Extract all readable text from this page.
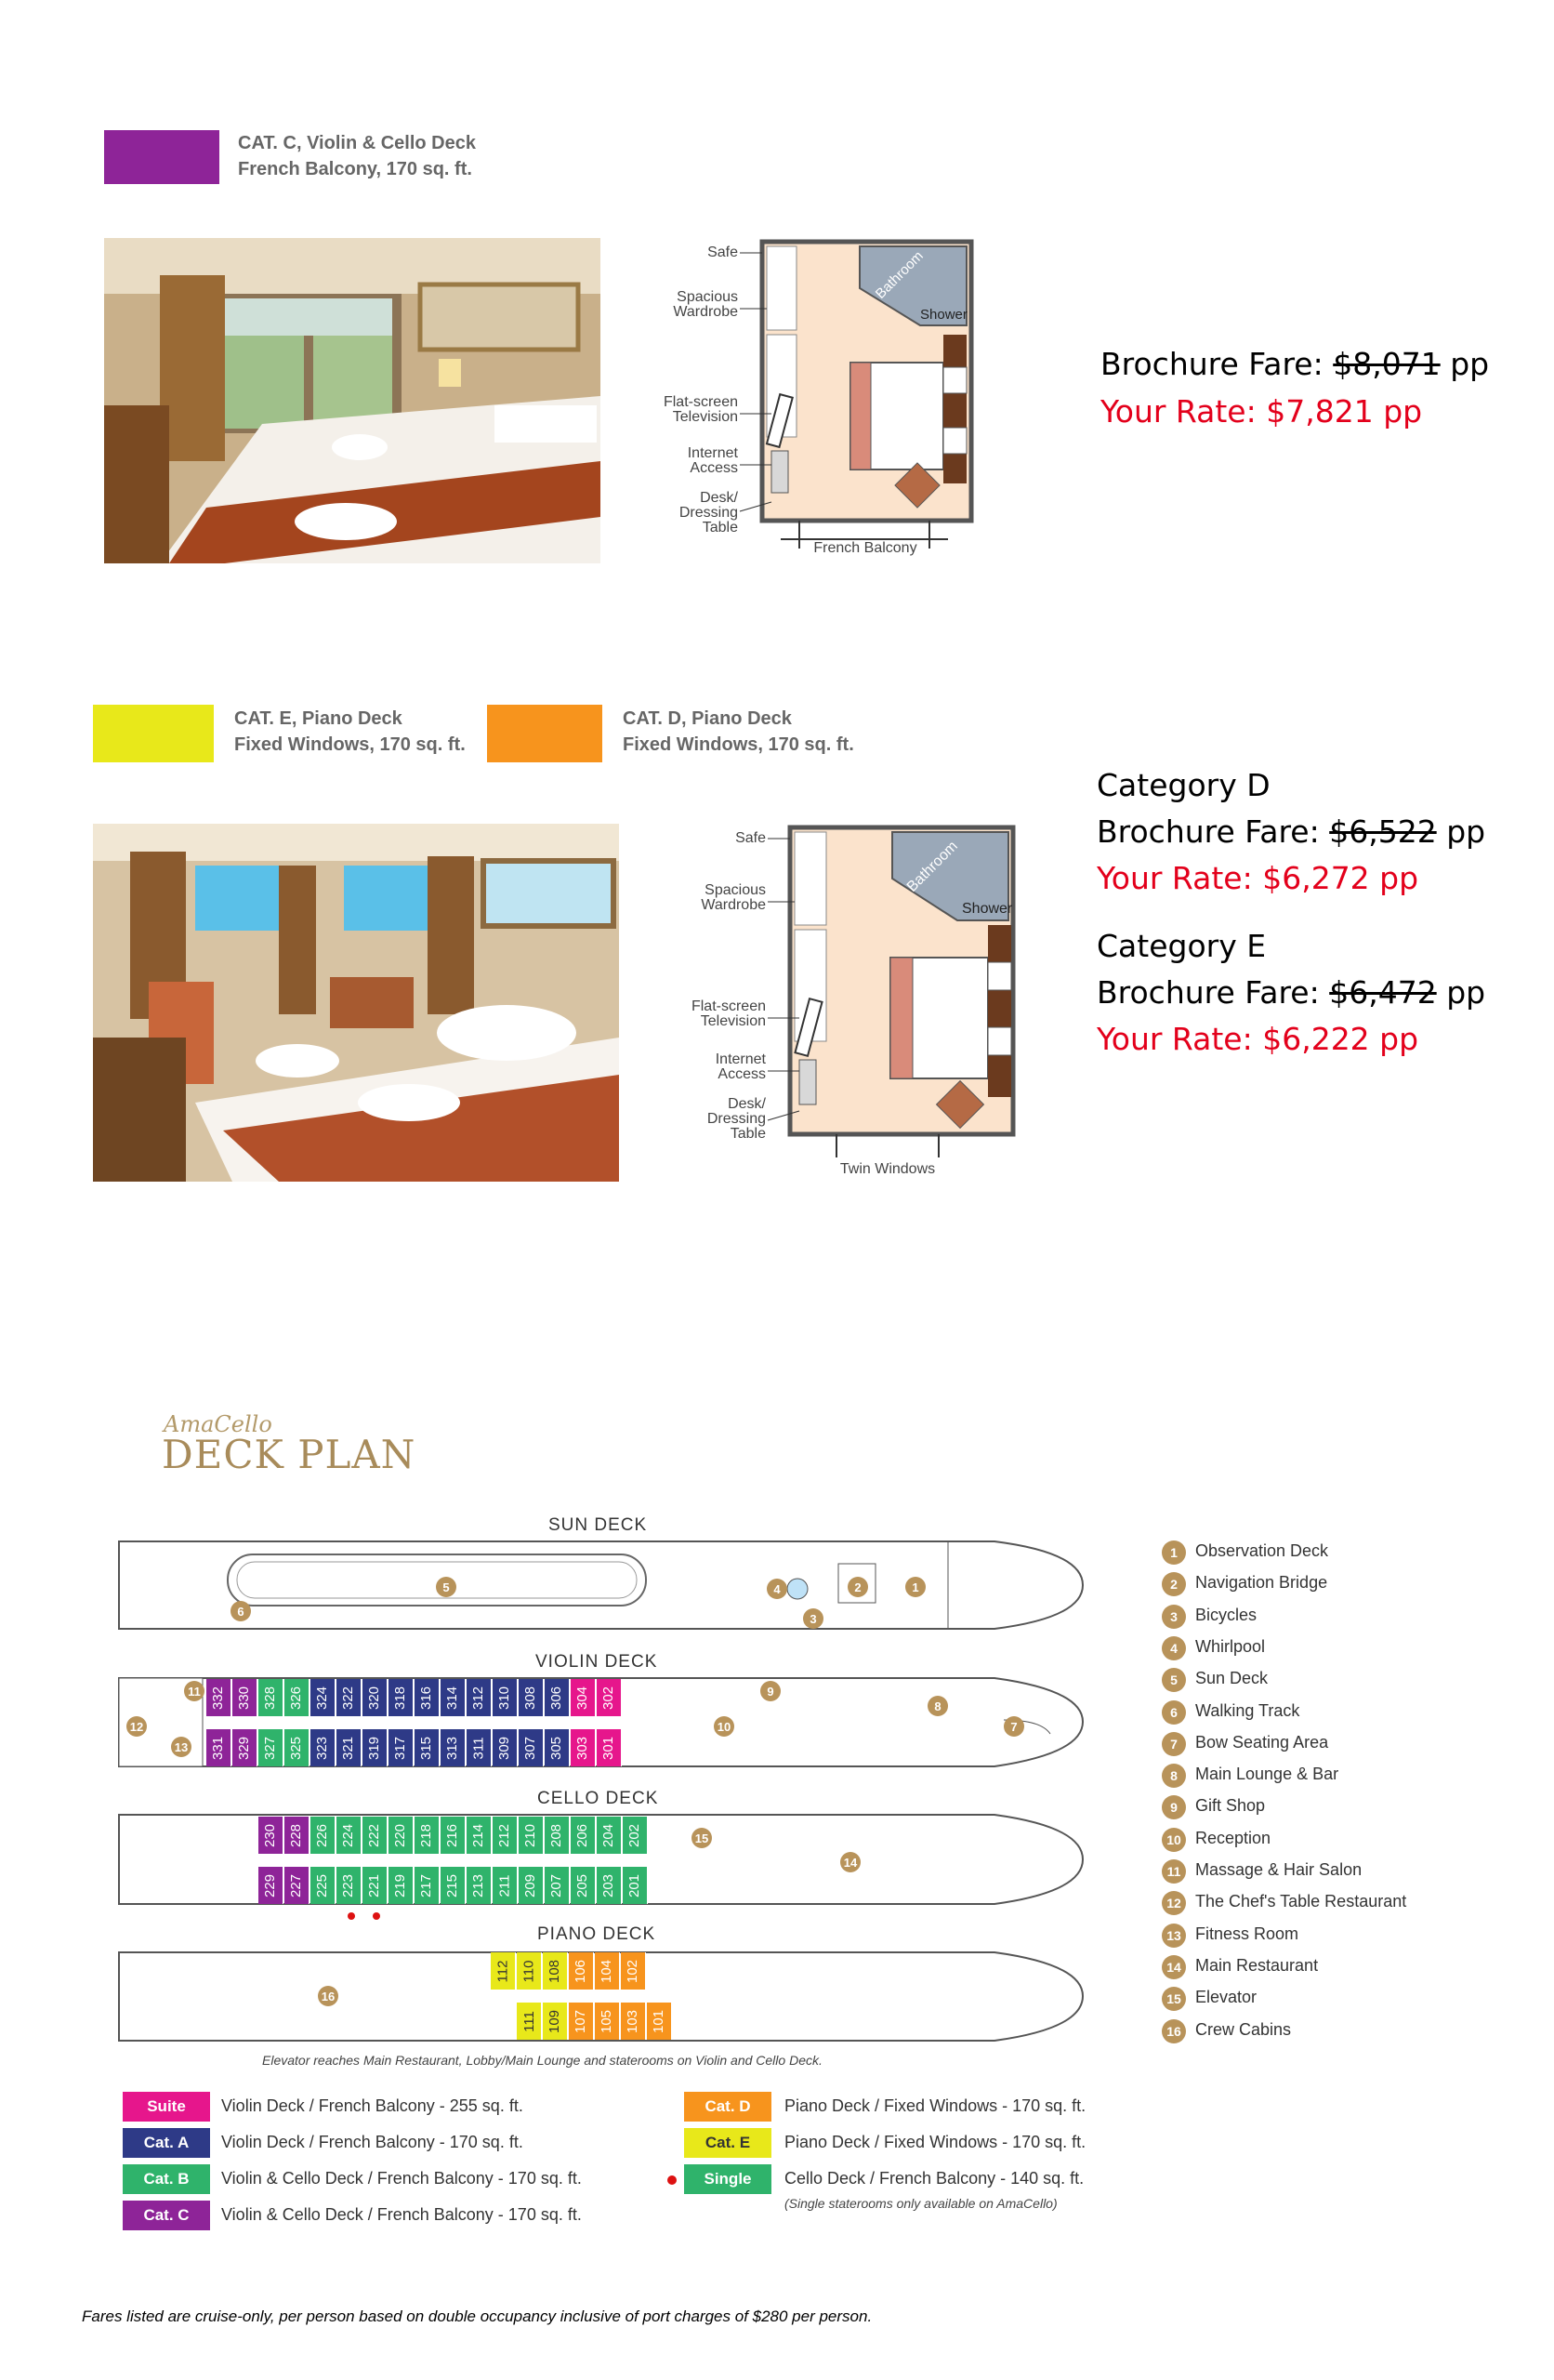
CAT. C, Violin & Cello Deck
French Balcony, 170 sq. ft.
Bathroom
Shower
Safe
Spacious Wardrobe
Flat-screen Television
Internet Access
Desk/ Dressing Table
French Balcony
Brochure Fare: $8,071 pp
Your Rate: $7,821 pp
CAT. E, Piano Deck
Fixed Windows, 170 sq. ft.
CAT. D, Piano Deck
Fixed Windows, 170 sq. ft.
Bathroom
Shower
Safe
Spacious Wardrobe
Flat-screen Television
Internet Access
Desk/ Dressing Table
Twin Windows
Category D
Brochure Fare: $6,522 pp
Your Rate: $6,272 pp
Category E
Brochure Fare: $6,472 pp
Your Rate: $6,222 pp
AmaCello
DECK PLAN
SUN DECK
VIOLIN DECK
CELLO DECK
PIANO DECK
332 330 328 326 324 322 320 318 316 314 312 310 308 306 304 302
331 329 327 325 323 321 319 317 315 313 311 309 307 305 303 301
230 228 226 224 222 220 218 216 214 212 210 208 206 204 202
229 227 225 223 221 219 217 215 213 211 209 207 205 203 201
112 110 108 106 104 102
111 109 107 105 103 101
1
2
3
4
5
6
7
8
9
10
11
12
13
14
15
16
1	Observation Deck
2	Navigation Bridge
3	Bicycles
4	Whirlpool
5	Sun Deck
6	Walking Track
7	Bow Seating Area
8	Main Lounge & Bar
9	Gift Shop
10 Reception
11 Massage & Hair Salon
12 The Chef's Table Restaurant
13 Fitness Room
14 Main Restaurant
15 Elevator
16 Crew Cabins
Elevator reaches Main Restaurant, Lobby/Main Lounge and staterooms on Violin and Cello Deck.
Suite	Violin Deck / French Balcony - 255 sq. ft.
Cat. A	Violin Deck / French Balcony - 170 sq. ft.
Cat. B	Violin & Cello Deck / French Balcony - 170 sq. ft.
Cat. C	Violin & Cello Deck / French Balcony - 170 sq. ft.
Cat. D	Piano Deck / Fixed Windows - 170 sq. ft.
Cat. E	Piano Deck / Fixed Windows - 170 sq. ft.
Single	Cello Deck / French Balcony - 140 sq. ft.
(Single staterooms only available on AmaCello)
Fares listed are cruise-only, per person based on double occupancy inclusive of port charges of $280 per person.
